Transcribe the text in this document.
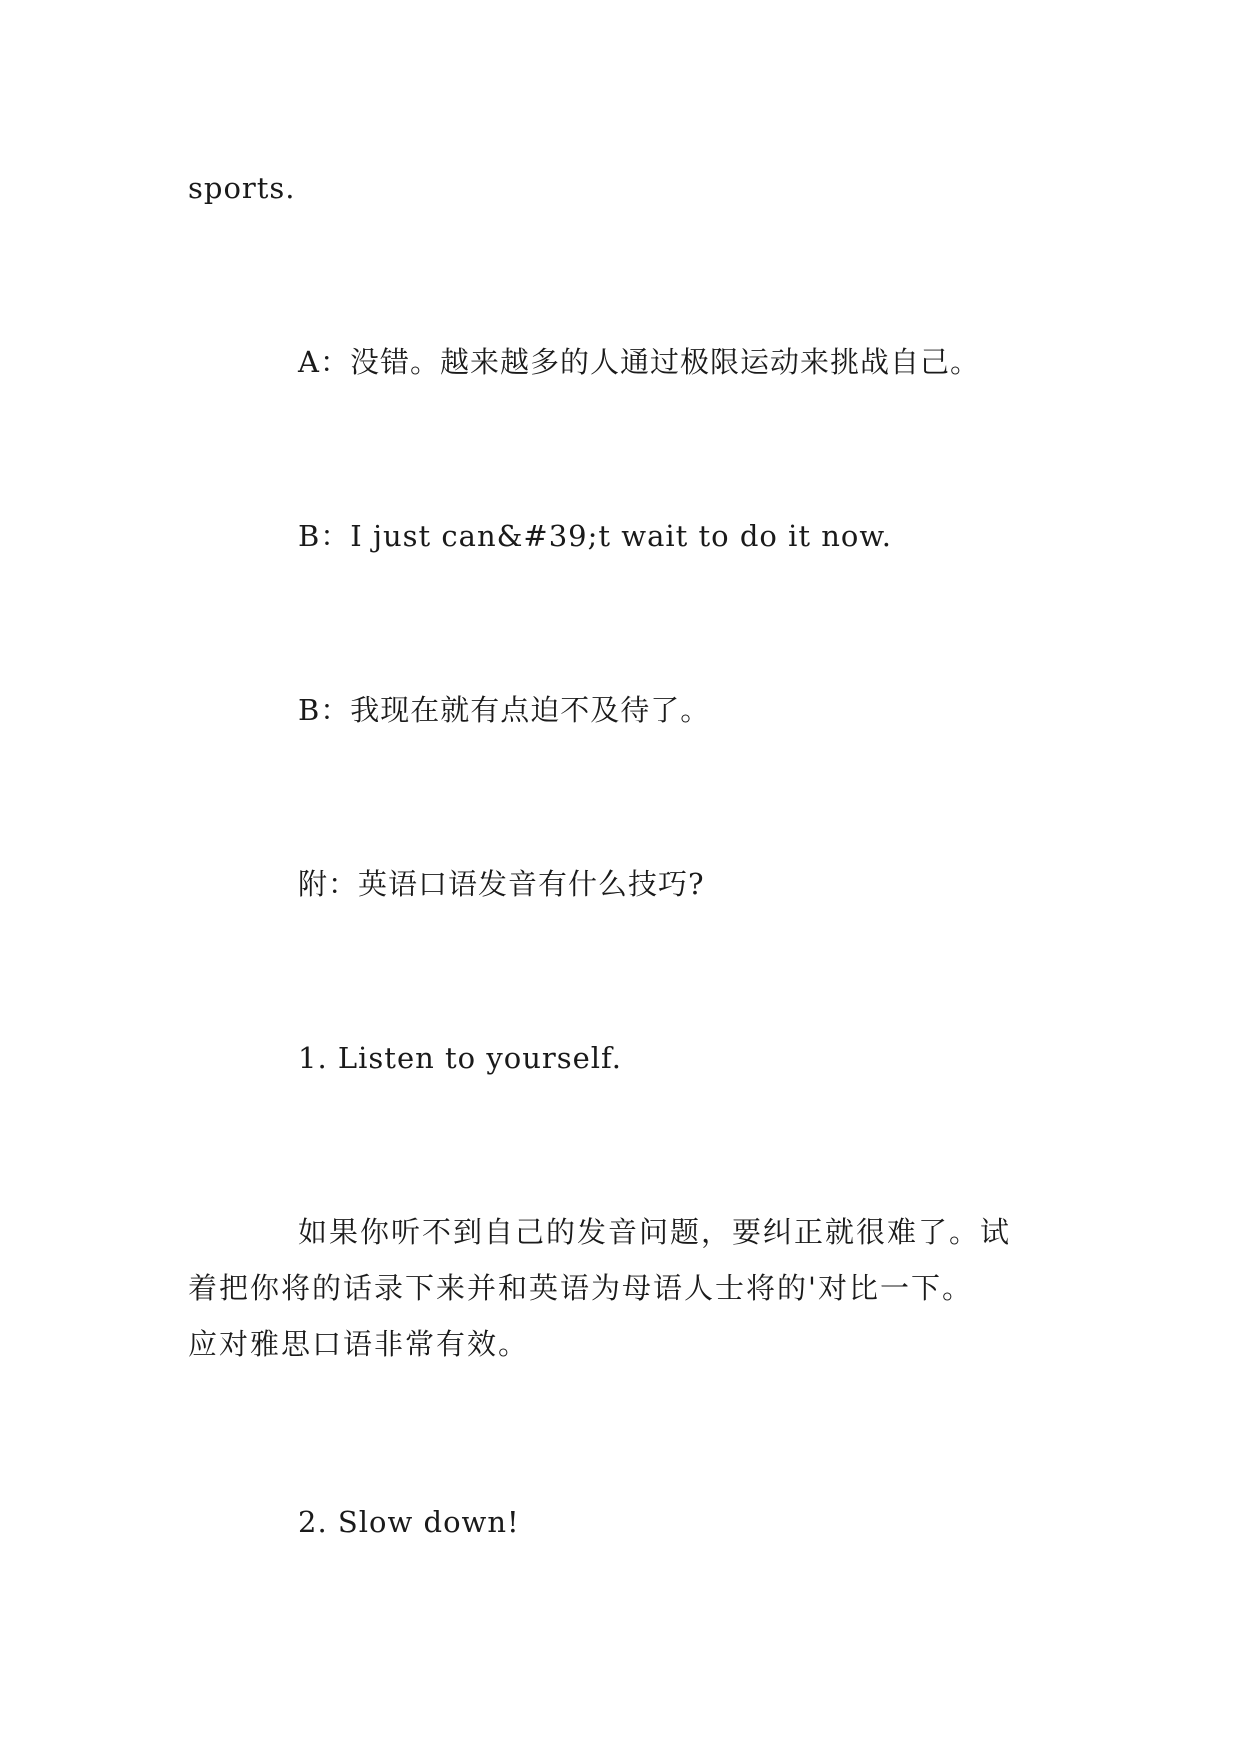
sports.
A：没错。越来越多的人通过极限运动来挑战自己。
B：I just can&#39;t wait to do it now.
B：我现在就有点迫不及待了。
附：英语口语发音有什么技巧?
1. Listen to yourself.
如果你听不到自己的发音问题，要纠正就很难了。试
着把你将的话录下来并和英语为母语人士将的'对比一下。
应对雅思口语非常有效。
2. Slow down!
